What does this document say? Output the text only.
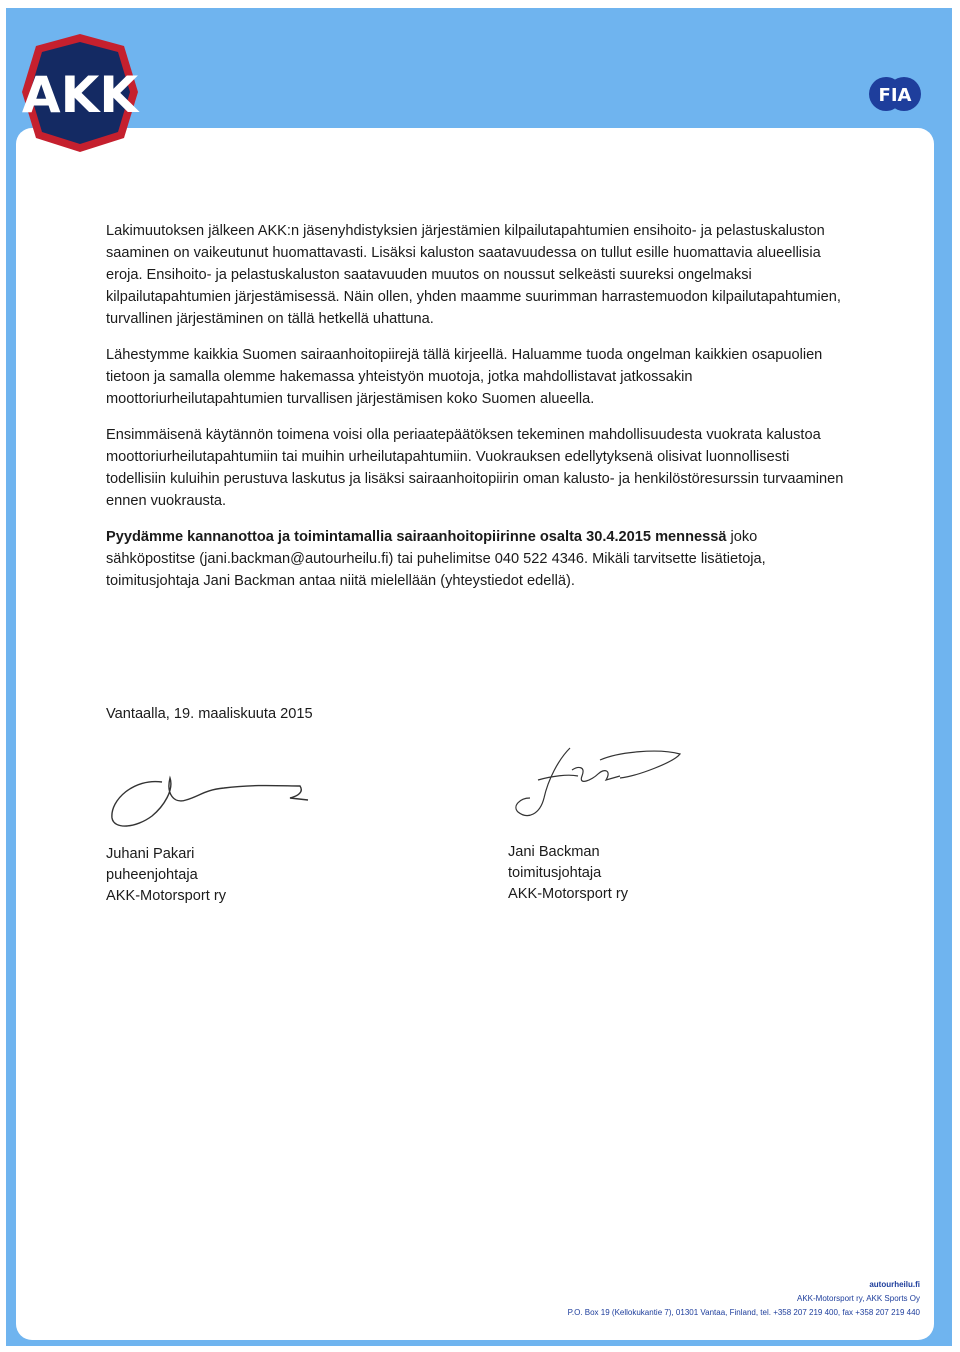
AKK	FIA

Lakimuutoksen jälkeen AKK:n jäsenyhdistyksien järjestämien kilpailutapahtumien ensihoito- ja pelastuskaluston saaminen on vaikeutunut huomattavasti. Lisäksi kaluston saatavuudessa on tullut esille huomattavia alueellisia eroja. Ensihoito- ja pelastuskaluston saatavuuden muutos on noussut selkeästi suureksi ongelmaksi kilpailutapahtumien järjestämisessä. Näin ollen, yhden maamme suurimman harrastemuodon kilpailutapahtumien, turvallinen järjestäminen on tällä hetkellä uhattuna.

Lähestymme kaikkia Suomen sairaanhoitopiirejä tällä kirjeellä. Haluamme tuoda ongelman kaikkien osapuolien tietoon ja samalla olemme hakemassa yhteistyön muotoja, jotka mahdollistavat jatkossakin moottoriurheilutapahtumien turvallisen järjestämisen koko Suomen alueella.

Ensimmäisenä käytännön toimena voisi olla periaatepäätöksen tekeminen mahdollisuudesta vuokrata kalustoa moottoriurheilutapahtumiin tai muihin urheilutapahtumiin. Vuokrauksen edellytyksenä olisivat luonnollisesti todellisiin kuluihin perustuva laskutus ja lisäksi sairaanhoitopiirin oman kalusto- ja henkilöstöresurssin turvaaminen ennen vuokrausta.

Pyydämme kannanottoa ja toimintamallia sairaanhoitopiirinne osalta 30.4.2015 mennessä joko sähköpostitse (jani.backman@autourheilu.fi) tai puhelimitse 040 522 4346. Mikäli tarvitsette lisätietoja, toimitusjohtaja Jani Backman antaa niitä mielellään (yhteystiedot edellä).

Vantaalla, 19. maaliskuuta 2015
Juhani Pakari
puheenjohtaja
AKK-Motorsport ry
Jani Backman
toimitusjohtaja
AKK-Motorsport ry
autourheilu.fi
AKK-Motorsport ry, AKK Sports Oy
P.O. Box 19 (Kellokukantie 7), 01301 Vantaa, Finland, tel. +358 207 219 400, fax +358 207 219 440
